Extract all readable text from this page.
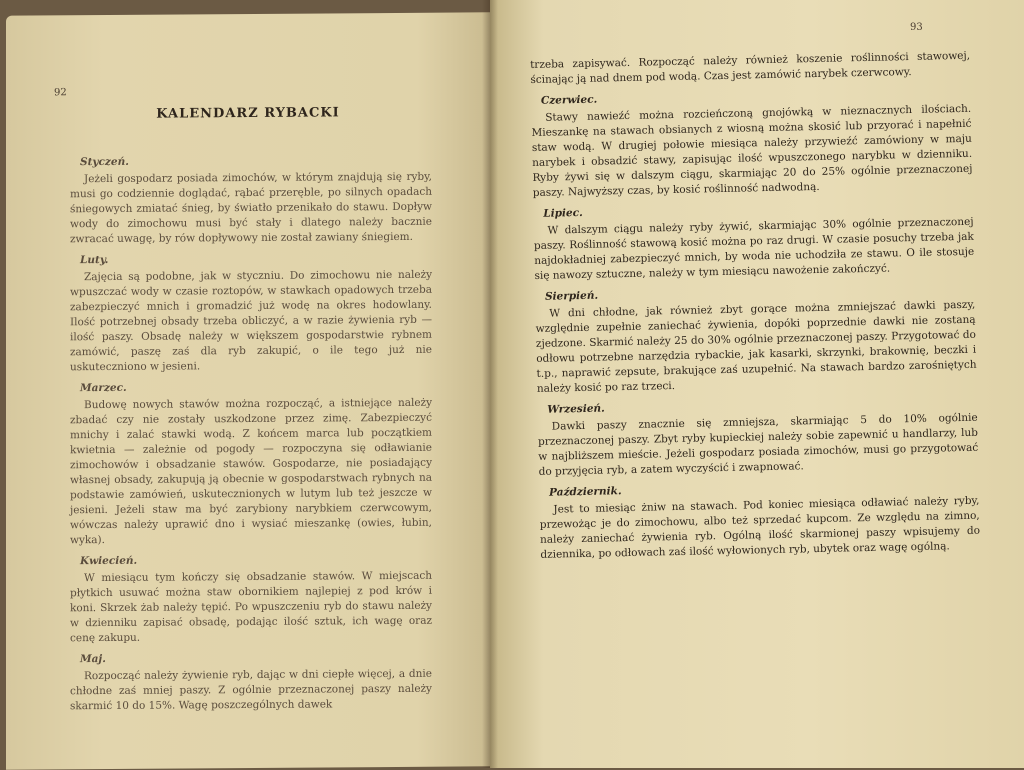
92
KALENDARZ RYBACKI
Styczeń.

Jeżeli gospodarz posiada zimochów, w którym znajdują się ryby, musi go codziennie doglądać, rąbać przeręble, po silnych opadach śniegowych zmiatać śnieg, by światło przenikało do stawu. Dopływ wody do zimochowu musi być stały i dlatego należy bacznie zwracać uwagę, by rów dopływowy nie został zawiany śniegiem.

Luty.

Zajęcia są podobne, jak w styczniu. Do zimochowu nie należy wpuszczać wody w czasie roztopów, w stawkach opadowych trzeba zabezpieczyć mnich i gromadzić już wodę na okres hodowlany. Ilość potrzebnej obsady trzeba obliczyć, a w razie żywienia ryb — ilość paszy. Obsadę należy w większem gospodarstwie rybnem zamówić, paszę zaś dla ryb zakupić, o ile tego już nie uskuteczniono w jesieni.

Marzec.

Budowę nowych stawów można rozpocząć, a istniejące należy zbadać czy nie zostały uszkodzone przez zimę. Zabezpieczyć mnichy i zalać stawki wodą. Z końcem marca lub początkiem kwietnia — zależnie od pogody — rozpoczyna się odławianie zimochowów i obsadzanie stawów. Gospodarze, nie posiadający własnej obsady, zakupują ją obecnie w gospodarstwach rybnych na podstawie zamówień, uskutecznionych w lutym lub też jeszcze w jesieni. Jeżeli staw ma być zarybiony narybkiem czerwcowym, wówczas należy uprawić dno i wysiać mieszankę (owies, łubin, wyka).

Kwiecień.

W miesiącu tym kończy się obsadzanie stawów. W miejscach płytkich usuwać można staw obornikiem najlepiej z pod krów i koni. Skrzek żab należy tępić. Po wpuszczeniu ryb do stawu należy w dzienniku zapisać obsadę, podając ilość sztuk, ich wagę oraz cenę zakupu.

Maj.

Rozpocząć należy żywienie ryb, dając w dni ciepłe więcej, a dnie chłodne zaś mniej paszy. Z ogólnie przeznaczonej paszy należy skarmić 10 do 15%. Wagę poszczególnych dawek

93

trzeba zapisywać. Rozpocząć należy również koszenie roślinności stawowej, ścinając ją nad dnem pod wodą. Czas jest zamówić narybek czerwcowy.

Czerwiec.

Stawy nawieźć można rozcieńczoną gnojówką w nieznacznych ilościach. Mieszankę na stawach obsianych z wiosną można skosić lub przyorać i napełnić staw wodą. W drugiej połowie miesiąca należy przywieźć zamówiony w maju narybek i obsadzić stawy, zapisując ilość wpuszczonego narybku w dzienniku. Ryby żywi się w dalszym ciągu, skarmiając 20 do 25% ogólnie przeznaczonej paszy. Najwyższy czas, by kosić roślinność nadwodną.

Lipiec.

W dalszym ciągu należy ryby żywić, skarmiając 30% ogólnie przeznaczonej paszy. Roślinność stawową kosić można po raz drugi. W czasie posuchy trzeba jak najdokładniej zabezpieczyć mnich, by woda nie uchodziła ze stawu. O ile stosuje się nawozy sztuczne, należy w tym miesiącu nawożenie zakończyć.

Sierpień.

W dni chłodne, jak również zbyt gorące można zmniejszać dawki paszy, względnie zupełnie zaniechać żywienia, dopóki poprzednie dawki nie zostaną zjedzone. Skarmić należy 25 do 30% ogólnie przeznaczonej paszy. Przygotować do odłowu potrzebne narzędzia rybackie, jak kasarki, skrzynki, brakownię, beczki i t.p., naprawić zepsute, brakujące zaś uzupełnić. Na stawach bardzo zarośniętych należy kosić po raz trzeci.

Wrzesień.

Dawki paszy znacznie się zmniejsza, skarmiając 5 do 10% ogólnie przeznaczonej paszy. Zbyt ryby kupieckiej należy sobie zapewnić u handlarzy, lub w najbliższem mieście. Jeżeli gospodarz posiada zimochów, musi go przygotować do przyjęcia ryb, a zatem wyczyścić i zwapnować.

Październik.

Jest to miesiąc żniw na stawach. Pod koniec miesiąca odławiać należy ryby, przewożąc je do zimochowu, albo też sprzedać kupcom. Ze względu na zimno, należy zaniechać żywienia ryb. Ogólną ilość skarmionej paszy wpisujemy do dziennika, po odłowach zaś ilość wyłowionych ryb, ubytek oraz wagę ogólną.
